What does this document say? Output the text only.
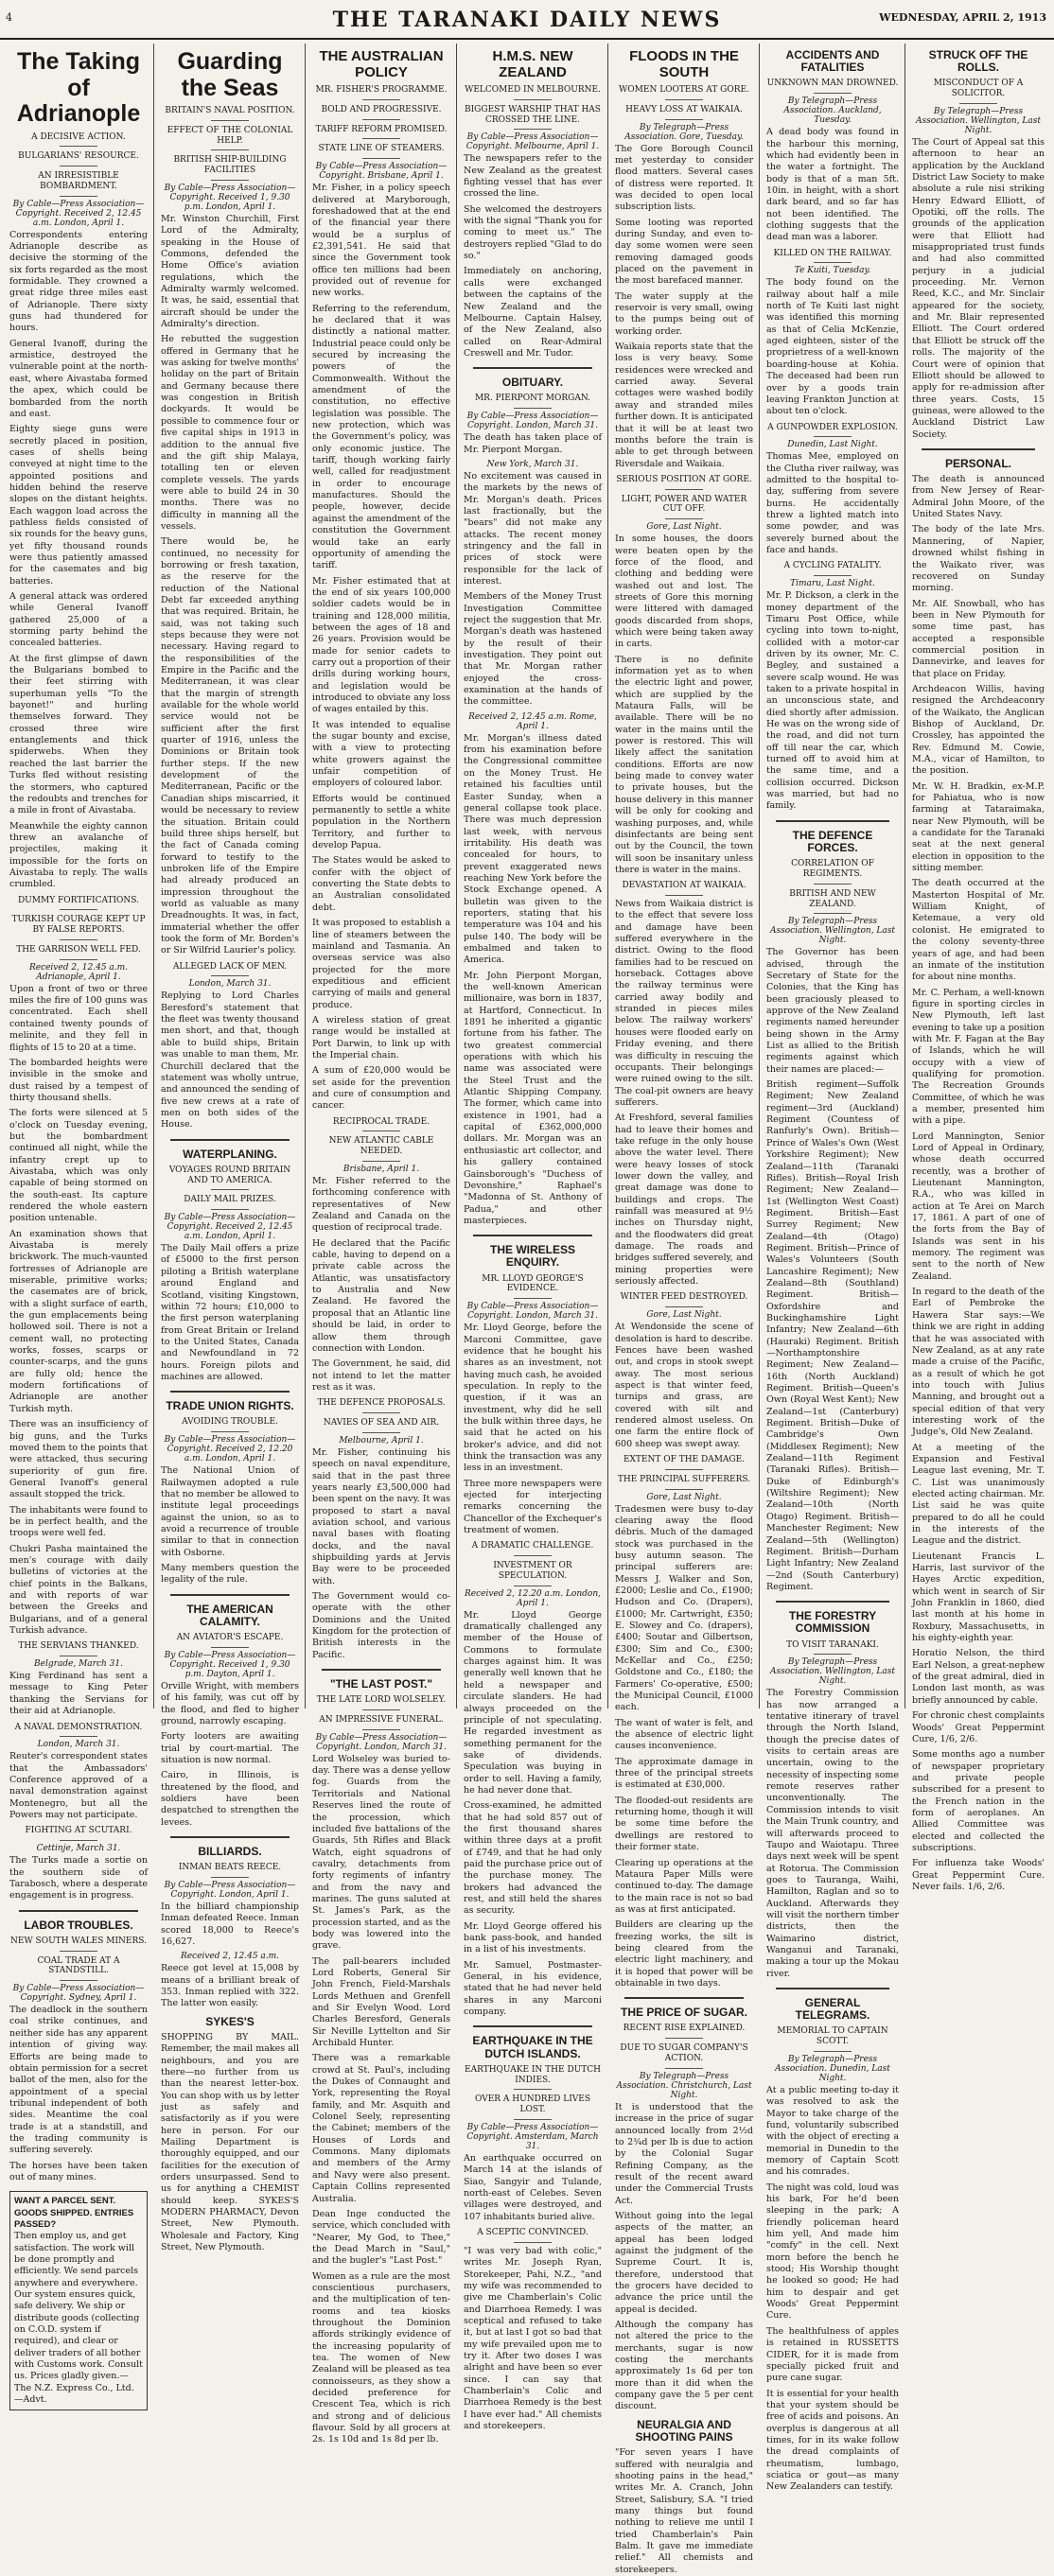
4	THE TARANAKI DAILY NEWS	WEDNESDAY, APRIL 2, 1913
The Taking of Adrianople
A DECISIVE ACTION.
BULGARIANS' RESOURCE.
AN IRRESISTIBLE BOMBARDMENT.
By Cable—Press Association—Copyright. Received 2, 12.45 a.m. London, April 1.

Correspondents entering Adrianople describe as decisive the storming of the six forts regarded as the most formidable. They crowned a great ridge three miles east of Adrianople. There sixty guns had thundered for hours.

General Ivanoff, during the armistice, destroyed the vulnerable point at the north-east, where Aivastaba formed the apex, which could be bombarded from the north and east.

Eighty siege guns were secretly placed in position, cases of shells being conveyed at night time to the appointed positions and hidden behind the reserve slopes on the distant heights. Each waggon load across the pathless fields consisted of six rounds for the heavy guns, yet fifty thousand rounds were thus patiently amassed for the casemates and big batteries.

A general attack was ordered while General Ivanoff gathered 25,000 of a storming party behind the concealed batteries.

At the first glimpse of dawn the Bulgarians bombed to their feet stirring with superhuman yells "To the bayonet!" and hurling themselves forward. They crossed three wire entanglements and thick spiderwebs. When they reached the last barrier the Turks fled without resisting the stormers, who captured the redoubts and trenches for a mile in front of Aivastaba.

Meanwhile the eighty cannon threw an avalanche of projectiles, making it impossible for the forts on Aivastaba to reply. The walls crumbled.

DUMMY FORTIFICATIONS.
TURKISH COURAGE KEPT UP BY FALSE REPORTS.
THE GARRISON WELL FED.
Received 2, 12.45 a.m. Adrianople, April 1.

Upon a front of two or three miles the fire of 100 guns was concentrated. Each shell contained twenty pounds of melinite, and they fell in flights of 15 to 20 at a time.

The bombarded heights were invisible in the smoke and dust raised by a tempest of thirty thousand shells.

The forts were silenced at 5 o'clock on Tuesday evening, but the bombardment continued all night, while the infantry crept up to Aivastaba, which was only capable of being stormed on the south-east. Its capture rendered the whole eastern position untenable.

An examination shows that Aivastaba is merely brickwork. The much-vaunted fortresses of Adrianople are miserable, primitive works; the casemates are of brick, with a slight surface of earth, the gun emplacements being hollowed soil. There is not a cement wall, no protecting works, fosses, scarps or counter-scarps, and the guns are fully old; hence the modern fortifications of Adrianople are another Turkish myth.

There was an insufficiency of big guns, and the Turks moved them to the points that were attacked, thus securing superiority of gun fire. General Ivanoff's general assault stopped the trick.

The inhabitants were found to be in perfect health, and the troops were well fed.

Chukri Pasha maintained the men's courage with daily bulletins of victories at the chief points in the Balkans, and with reports of war between the Greeks and Bulgarians, and of a general Turkish advance.

THE SERVIANS THANKED.
Belgrade, March 31.

King Ferdinand has sent a message to King Peter thanking the Servians for their aid at Adrianople.

A NAVAL DEMONSTRATION.
London, March 31.

Reuter's correspondent states that the Ambassadors' Conference approved of a naval demonstration against Montenegro, but all the Powers may not participate.

FIGHTING AT SCUTARI.
Cettinje, March 31.

The Turks made a sortie on the southern side of Tarabosch, where a desperate engagement is in progress.

LABOR TROUBLES.
NEW SOUTH WALES MINERS.
COAL TRADE AT A STANDSTILL.
By Cable—Press Association—Copyright. Sydney, April 1.

The deadlock in the southern coal strike continues, and neither side has any apparent intention of giving way. Efforts are being made to obtain permission for a secret ballot of the men, also for the appointment of a special tribunal independent of both sides. Meantime the coal trade is at a standstill, and the trading community is suffering severely.

The horses have been taken out of many mines.

WANT A PARCEL SENT. GOODS SHIPPED. ENTRIES PASSED?
Then employ us, and get satisfaction. The work will be done promptly and efficiently. We send parcels anywhere and everywhere. Our system ensures quick, safe delivery. We ship or distribute goods (collecting on C.O.D. system if required), and clear or deliver traders of all bother with Customs work. Consult us. Prices gladly given.—The N.Z. Express Co., Ltd.—Advt.
Guarding the Seas
BRITAIN'S NAVAL POSITION.
EFFECT OF THE COLONIAL HELP.
BRITISH SHIP-BUILDING FACILITIES
By Cable—Press Association—Copyright. Received 1, 9.30 p.m. London, April 1.

Mr. Winston Churchill, First Lord of the Admiralty, speaking in the House of Commons, defended the Home Office's aviation regulations, which the Admiralty warmly welcomed. It was, he said, essential that aircraft should be under the Admiralty's direction.

He rebutted the suggestion offered in Germany that he was asking for twelve months' holiday on the part of Britain and Germany because there was congestion in British dockyards. It would be possible to commence four or five capital ships in 1913 in addition to the annual five and the gift ship Malaya, totalling ten or eleven complete vessels. The yards were able to build 24 in 30 months. There was no difficulty in manning all the vessels.

There would be, he continued, no necessity for borrowing or fresh taxation, as the reserve for the reduction of the National Debt far exceeded anything that was required. Britain, he said, was not taking such steps because they were not necessary. Having regard to the responsibilities of the Empire in the Pacific and the Mediterranean, it was clear that the margin of strength available for the whole world service would not be sufficient after the first quarter of 1916, unless the Dominions or Britain took further steps. If the new development of the Mediterranean, Pacific or the Canadian ships miscarried, it would be necessary to review the situation. Britain could build three ships herself, but the fact of Canada coming forward to testify to the unbroken life of the Empire had already produced an impression throughout the world as valuable as many Dreadnoughts. It was, in fact, immaterial whether the offer took the form of Mr. Borden's or Sir Wilfrid Laurier's policy.

ALLEGED LACK OF MEN.
London, March 31.

Replying to Lord Charles Beresford's statement that the fleet was twenty thousand men short, and that, though able to build ships, Britain was unable to man them, Mr. Churchill declared that the statement was wholly untrue, and announced the sending of five new crews at a rate of men on both sides of the House.

WATERPLANING.
VOYAGES ROUND BRITAIN AND TO AMERICA.
DAILY MAIL PRIZES.
By Cable—Press Association—Copyright. Received 2, 12.45 a.m. London, April 1.

The Daily Mail offers a prize of £5000 to the first person piloting a British waterplane around England and Scotland, visiting Kingstown, within 72 hours; £10,000 to the first person waterplaning from Great Britain or Ireland to the United States, Canada and Newfoundland in 72 hours. Foreign pilots and machines are allowed.

TRADE UNION RIGHTS.
AVOIDING TROUBLE.
By Cable—Press Association—Copyright. Received 2, 12.20 a.m. London, April 1.

The National Union of Railwaymen adopted a rule that no member be allowed to institute legal proceedings against the union, so as to avoid a recurrence of trouble similar to that in connection with Osborne.

Many members question the legality of the rule.

THE AMERICAN CALAMITY.
AN AVIATOR'S ESCAPE.
By Cable—Press Association—Copyright. Received 1, 9.30 p.m. Dayton, April 1.

Orville Wright, with members of his family, was cut off by the flood, and fled to higher ground, narrowly escaping.

Forty looters are awaiting trial by court-martial. The situation is now normal.

Cairo, in Illinois, is threatened by the flood, and soldiers have been despatched to strengthen the levees.

BILLIARDS.
INMAN BEATS REECE.
By Cable—Press Association—Copyright. London, April 1.

In the billiard championship Inman defeated Reece. Inman scored 18,000 to Reece's 16,627.

Received 2, 12.45 a.m.

Reece got level at 15,008 by means of a brilliant break of 353. Inman replied with 322. The latter won easily.

SYKES'S

SHOPPING BY MAIL. Remember, the mail makes all neighbours, and you are there—no further from us than the nearest letter-box. You can shop with us by letter just as safely and satisfactorily as if you were here in person. For our Mailing Department is thoroughly equipped, and our facilities for the execution of orders unsurpassed. Send to us for anything a CHEMIST should keep. SYKES'S MODERN PHARMACY, Devon Street, New Plymouth. Wholesale and Factory, King Street, New Plymouth.

THE AUSTRALIAN POLICY
MR. FISHER'S PROGRAMME.
BOLD AND PROGRESSIVE.
TARIFF REFORM PROMISED.
STATE LINE OF STEAMERS.
By Cable—Press Association—Copyright. Brisbane, April 1.

Mr. Fisher, in a policy speech delivered at Maryborough, foreshadowed that at the end of the financial year there would be a surplus of £2,391,541. He said that since the Government took office ten millions had been provided out of revenue for new works.

Referring to the referendum, he declared that it was distinctly a national matter. Industrial peace could only be secured by increasing the powers of the Commonwealth. Without the amendment of the constitution, no effective legislation was possible. The new protection, which was the Government's policy, was only economic justice. The tariff, though working fairly well, called for readjustment in order to encourage manufactures. Should the people, however, decide against the amendment of the constitution the Government would take an early opportunity of amending the tariff.

Mr. Fisher estimated that at the end of six years 100,000 soldier cadets would be in training and 128,000 militia, between the ages of 18 and 26 years. Provision would be made for senior cadets to carry out a proportion of their drills during working hours, and legislation would be introduced to obviate any loss of wages entailed by this.

It was intended to equalise the sugar bounty and excise, with a view to protecting white growers against the unfair competition of employers of coloured labor.

Efforts would be continued permanently to settle a white population in the Northern Territory, and further to develop Papua.

The States would be asked to confer with the object of converting the State debts to an Australian consolidated debt.

It was proposed to establish a line of steamers between the mainland and Tasmania. An overseas service was also projected for the more expeditious and efficient carrying of mails and general produce.

A wireless station of great range would be installed at Port Darwin, to link up with the Imperial chain.

A sum of £20,000 would be set aside for the prevention and cure of consumption and cancer.

RECIPROCAL TRADE.
NEW ATLANTIC CABLE NEEDED.
Brisbane, April 1.

Mr. Fisher referred to the forthcoming conference with representatives of New Zealand and Canada on the question of reciprocal trade.

He declared that the Pacific cable, having to depend on a private cable across the Atlantic, was unsatisfactory to Australia and New Zealand. He favored the proposal that an Atlantic line should be laid, in order to allow them through connection with London.

The Government, he said, did not intend to let the matter rest as it was.

THE DEFENCE PROPOSALS.
NAVIES OF SEA AND AIR.
Melbourne, April 1.

Mr. Fisher, continuing his speech on naval expenditure, said that in the past three years nearly £3,500,000 had been spent on the navy. It was proposed to start a naval aviation school, and various naval bases with floating docks, and the naval shipbuilding yards at Jervis Bay were to be proceeded with.

The Government would co-operate with the other Dominions and the United Kingdom for the protection of British interests in the Pacific.

"THE LAST POST."
THE LATE LORD WOLSELEY.
AN IMPRESSIVE FUNERAL.
By Cable—Press Association—Copyright. London, March 31.

Lord Wolseley was buried to-day. There was a dense yellow fog. Guards from the Territorials and National Reserves lined the route of the procession, which included five battalions of the Guards, 5th Rifles and Black Watch, eight squadrons of cavalry, detachments from forty regiments of infantry and from the navy and marines. The guns saluted at St. James's Park, as the procession started, and as the body was lowered into the grave.

The pall-bearers included Lord Roberts, General Sir John French, Field-Marshals Lords Methuen and Grenfell and Sir Evelyn Wood. Lord Charles Beresford, Generals Sir Neville Lyttelton and Sir Archibald Hunter.

There was a remarkable crowd at St. Paul's, including the Dukes of Connaught and York, representing the Royal family, and Mr. Asquith and Colonel Seely, representing the Cabinet; members of the Houses of Lords and Commons. Many diplomats and members of the Army and Navy were also present. Captain Collins represented Australia.

Dean Inge conducted the service, which concluded with "Nearer, My God, to Thee," the Dead March in "Saul," and the bugler's "Last Post."

Women as a rule are the most conscientious purchasers, and the multiplication of ten-rooms and tea kiosks throughout the Dominion affords strikingly evidence of the increasing popularity of tea. The women of New Zealand will be pleased as tea connoisseurs, as they show a decided preference for Crescent Tea, which is rich and strong and of delicious flavour. Sold by all grocers at 2s. 1s 10d and 1s 8d per lb.

H.M.S. NEW ZEALAND
WELCOMED IN MELBOURNE.
BIGGEST WARSHIP THAT HAS CROSSED THE LINE.
By Cable—Press Association—Copyright. Melbourne, April 1.

The newspapers refer to the New Zealand as the greatest fighting vessel that has ever crossed the line.

She welcomed the destroyers with the signal "Thank you for coming to meet us." The destroyers replied "Glad to do so."

Immediately on anchoring, calls were exchanged between the captains of the New Zealand and the Melbourne. Captain Halsey, of the New Zealand, also called on Rear-Admiral Creswell and Mr. Tudor.

OBITUARY.
MR. PIERPONT MORGAN.
By Cable—Press Association—Copyright. London, March 31.

The death has taken place of Mr. Pierpont Morgan.

New York, March 31.

No excitement was caused in the markets by the news of Mr. Morgan's death. Prices last fractionally, but the "bears" did not make any attacks. The recent money stringency and the fall in prices of stock were responsible for the lack of interest.

Members of the Money Trust Investigation Committee reject the suggestion that Mr. Morgan's death was hastened by the result of their investigation. They point out that Mr. Morgan rather enjoyed the cross-examination at the hands of the committee.

Received 2, 12.45 a.m. Rome, April 1.

Mr. Morgan's illness dated from his examination before the Congressional committee on the Money Trust. He retained his faculties until Easter Sunday, when a general collapse took place. There was much depression last week, with nervous irritability. His death was concealed for hours, to prevent exaggerated news reaching New York before the Stock Exchange opened. A bulletin was given to the reporters, stating that his temperature was 104 and his pulse 140. The body will be embalmed and taken to America.

Mr. John Pierpont Morgan, the well-known American millionaire, was born in 1837, at Hartford, Connecticut. In 1891 he inherited a gigantic fortune from his father. The two greatest commercial operations with which his name was associated were the Steel Trust and the Atlantic Shipping Company. The former, which came into existence in 1901, had a capital of £362,000,000 dollars. Mr. Morgan was an enthusiastic art collector, and his gallery contained Gainsborough's "Duchess of Devonshire," Raphael's "Madonna of St. Anthony of Padua," and other masterpieces.

THE WIRELESS ENQUIRY.
MR. LLOYD GEORGE'S EVIDENCE.
By Cable—Press Association—Copyright. London, March 31.

Mr. Lloyd George, before the Marconi Committee, gave evidence that he bought his shares as an investment, not having much cash, he avoided speculation. In reply to the question, if it was an investment, why did he sell the bulk within three days, he said that he acted on his broker's advice, and did not think the transaction was any less in an investment.

Three more newspapers were ejected for interjecting remarks concerning the Chancellor of the Exchequer's treatment of women.

A DRAMATIC CHALLENGE.
INVESTMENT OR SPECULATION.
Received 2, 12.20 a.m. London, April 1.

Mr. Lloyd George dramatically challenged any member of the House of Commons to formulate charges against him. It was generally well known that he held a newspaper and circulate slanders. He had always proceeded on the principle of not speculating. He regarded investment as something permanent for the sake of dividends. Speculation was buying in order to sell. Having a family, he had never done that.

Cross-examined, he admitted that he had sold 857 out of the first thousand shares within three days at a profit of £749, and that he had only paid the purchase price out of the purchase money. The brokers had advanced the rest, and still held the shares as security.

Mr. Lloyd George offered his bank pass-book, and handed in a list of his investments.

Mr. Samuel, Postmaster-General, in his evidence, stated that he had never held shares in any Marconi company.

EARTHQUAKE IN THE DUTCH ISLANDS.
EARTHQUAKE IN THE DUTCH INDIES.
OVER A HUNDRED LIVES LOST.
By Cable—Press Association—Copyright. Amsterdam, March 31.

An earthquake occurred on March 14 at the islands of Siao, Sangyir and Tulande, north-east of Celebes. Seven villages were destroyed, and 107 inhabitants buried alive.

A SCEPTIC CONVINCED.

"I was very bad with colic," writes Mr. Joseph Ryan, Storekeeper, Pahi, N.Z., "and my wife was recommended to give me Chamberlain's Colic and Diarrhoea Remedy. I was sceptical and refused to take it, but at last I got so bad that my wife prevailed upon me to try it. After two doses I was alright and have been so ever since. I can say that Chamberlain's Colic and Diarrhoea Remedy is the best I have ever had." All chemists and storekeepers.

FLOODS IN THE SOUTH
WOMEN LOOTERS AT GORE.
HEAVY LOSS AT WAIKAIA.
By Telegraph—Press Association. Gore, Tuesday.

The Gore Borough Council met yesterday to consider flood matters. Several cases of distress were reported. It was decided to open local subscription lists.

Some looting was reported during Sunday, and even to-day some women were seen removing damaged goods placed on the pavement in the most barefaced manner.

The water supply at the reservoir is very small, owing to the pumps being out of working order.

Waikaia reports state that the loss is very heavy. Some residences were wrecked and carried away. Several cottages were washed bodily away and stranded miles further down. It is anticipated that it will be at least two months before the train is able to get through between Riversdale and Waikaia.

SERIOUS POSITION AT GORE.
LIGHT, POWER AND WATER CUT OFF.
Gore, Last Night.

In some houses, the doors were beaten open by the force of the flood, and clothing and bedding were washed out and lost. The streets of Gore this morning were littered with damaged goods discarded from shops, which were being taken away in carts.

There is no definite information yet as to when the electric light and power, which are supplied by the Mataura Falls, will be available. There will be no water in the mains until the power is restored. This will likely affect the sanitation conditions. Efforts are now being made to convey water to private houses, but the house delivery in this manner will be only for cooking and washing purposes, and, while disinfectants are being sent out by the Council, the town will soon be insanitary unless there is water in the mains.

DEVASTATION AT WAIKAIA.

News from Waikaia district is to the effect that severe loss and damage have been suffered everywhere in the district. Owing to the flood families had to be rescued on horseback. Cottages above the railway terminus were carried away bodily and stranded in pieces miles below. The railway workers' houses were flooded early on Friday evening, and there was difficulty in rescuing the occupants. Their belongings were ruined owing to the silt. The coal-pit owners are heavy sufferers.

At Freshford, several families had to leave their homes and take refuge in the only house above the water level. There were heavy losses of stock lower down the valley, and great damage was done to buildings and crops. The rainfall was measured at 9½ inches on Thursday night, and the floodwaters did great damage. The roads and bridges suffered severely, and mining properties were seriously affected.

WINTER FEED DESTROYED.
Gore, Last Night.

At Wendonside the scene of desolation is hard to describe. Fences have been washed out, and crops in stook swept away. The most serious aspect is that winter feed, turnips and grass, are covered with silt and rendered almost useless. On one farm the entire flock of 600 sheep was swept away.

EXTENT OF THE DAMAGE.
THE PRINCIPAL SUFFERERS.
Gore, Last Night.

Tradesmen were busy to-day clearing away the flood débris. Much of the damaged stock was purchased in the busy autumn season. The principal sufferers are: Messrs J. Walker and Son, £2000; Leslie and Co., £1900; Hudson and Co. (Drapers), £1000; Mr. Cartwright, £350; E. Slowey and Co. (drapers), £400; Soutar and Gilbertson, £300; Sim and Co., £300; McKellar and Co., £250; Goldstone and Co., £180; the Farmers' Co-operative, £500; the Municipal Council, £1000 each.

The want of water is felt, and the absence of electric light causes inconvenience.

The approximate damage in three of the principal streets is estimated at £30,000.

The flooded-out residents are returning home, though it will be some time before the dwellings are restored to their former state.

Clearing up operations at the Mataura Paper Mills were continued to-day. The damage to the main race is not so bad as was at first anticipated.

Builders are clearing up the freezing works, the silt is being cleared from the electric light machinery, and it is hoped that power will be obtainable in two days.

THE PRICE OF SUGAR.
RECENT RISE EXPLAINED.
DUE TO SUGAR COMPANY'S ACTION.
By Telegraph—Press Association. Christchurch, Last Night.

It is understood that the increase in the price of sugar announced locally from 2½d to 2¾d per lb is due to action by the Colonial Sugar Refining Company, as the result of the recent award under the Commercial Trusts Act.

Without going into the legal aspects of the matter, an appeal has been lodged against the judgment of the Supreme Court. It is, therefore, understood that the grocers have decided to advance the price until the appeal is decided.

Although the company has not altered the price to the merchants, sugar is now costing the merchants approximately 1s 6d per ton more than it did when the company gave the 5 per cent discount.

NEURALGIA AND SHOOTING PAINS

"For seven years I have suffered with neuralgia and shooting pains in the head," writes Mr. A. Cranch, John Street, Salisbury, S.A. "I tried many things but found nothing to relieve me until I tried Chamberlain's Pain Balm. It gave me immediate relief." All chemists and storekeepers.

ACCIDENTS AND FATALITIES
UNKNOWN MAN DROWNED.
By Telegraph—Press Association. Auckland, Tuesday.

A dead body was found in the harbour this morning, which had evidently been in the water a fortnight. The body is that of a man 5ft. 10in. in height, with a short dark beard, and so far has not been identified. The clothing suggests that the dead man was a laborer.

KILLED ON THE RAILWAY.
Te Kuiti, Tuesday.

The body found on the railway about half a mile north of Te Kuiti last night was identified this morning as that of Celia McKenzie, aged eighteen, sister of the proprietress of a well-known boarding-house at Kohia. The deceased had been run over by a goods train leaving Frankton Junction at about ten o'clock.

A GUNPOWDER EXPLOSION.
Dunedin, Last Night.

Thomas Mee, employed on the Clutha river railway, was admitted to the hospital to-day, suffering from severe burns. He accidentally threw a lighted match into some powder, and was severely burned about the face and hands.

A CYCLING FATALITY.
Timaru, Last Night.

Mr. P. Dickson, a clerk in the money department of the Timaru Post Office, while cycling into town to-night, collided with a motor-car driven by its owner, Mr. C. Begley, and sustained a severe scalp wound. He was taken to a private hospital in an unconscious state, and died shortly after admission. He was on the wrong side of the road, and did not turn off till near the car, which turned off to avoid him at the same time, and a collision occurred. Dickson was married, but had no family.

THE DEFENCE FORCES.
CORRELATION OF REGIMENTS.
BRITISH AND NEW ZEALAND.
By Telegraph—Press Association. Wellington, Last Night.

The Governor has been advised, through the Secretary of State for the Colonies, that the King has been graciously pleased to approve of the New Zealand regiments named hereunder being shown in the Army List as allied to the British regiments against which their names are placed:—

British regiment—Suffolk Regiment; New Zealand regiment—3rd (Auckland) Regiment (Countess of Ranfurly's Own). British—Prince of Wales's Own (West Yorkshire Regiment); New Zealand—11th (Taranaki Rifles). British—Royal Irish Regiment; New Zealand—1st (Wellington West Coast) Regiment. British—East Surrey Regiment; New Zealand—4th (Otago) Regiment. British—Prince of Wales's Volunteers (South Lancashire Regiment); New Zealand—8th (Southland) Regiment. British—Oxfordshire and Buckinghamshire Light Infantry; New Zealand—6th (Hauraki) Regiment. British—Northamptonshire Regiment; New Zealand—16th (North Auckland) Regiment. British—Queen's Own (Royal West Kent); New Zealand—1st (Canterbury) Regiment. British—Duke of Cambridge's Own (Middlesex Regiment); New Zealand—11th Regiment (Taranaki Rifles). British—Duke of Edinburgh's (Wiltshire Regiment); New Zealand—10th (North Otago) Regiment. British—Manchester Regiment; New Zealand—5th (Wellington) Regiment. British—Durham Light Infantry; New Zealand—2nd (South Canterbury) Regiment.

THE FORESTRY COMMISSION
TO VISIT TARANAKI.
By Telegraph—Press Association. Wellington, Last Night.

The Forestry Commission has now arranged a tentative itinerary of travel through the North Island, though the precise dates of visits to certain areas are uncertain, owing to the necessity of inspecting some remote reserves rather unconventionally. The Commission intends to visit the Main Trunk country, and will afterwards proceed to Taupo and Waiotapu. Three days next week will be spent at Rotorua. The Commission goes to Tauranga, Waihi, Hamilton, Raglan and so to Auckland. Afterwards they will visit the northern timber districts, then the Waimarino district, Wanganui and Taranaki, making a tour up the Mokau river.

GENERAL TELEGRAMS.
MEMORIAL TO CAPTAIN SCOTT.
By Telegraph—Press Association. Dunedin, Last Night.

At a public meeting to-day it was resolved to ask the Mayor to take charge of the fund, voluntarily subscribed with the object of erecting a memorial in Dunedin to the memory of Captain Scott and his comrades.

The night was cold, loud was his bark, For he'd been sleeping in the park; A friendly policeman heard him yell, And made him "comfy" in the cell. Next morn before the bench he stood; His Worship thought he looked so good; He had him to despair and get Woods' Great Peppermint Cure.

The healthfulness of apples is retained in RUSSETTS CIDER, for it is made from specially picked fruit and pure cane sugar.

It is essential for your health that your system should be free of acids and poisons. An overplus is dangerous at all times, for in its wake follow the dread complaints of rheumatism, lumbago, sciatica or gout—as many New Zealanders can testify.

STRUCK OFF THE ROLLS.
MISCONDUCT OF A SOLICITOR.
By Telegraph—Press Association. Wellington, Last Night.

The Court of Appeal sat this afternoon to hear an application by the Auckland District Law Society to make absolute a rule nisi striking Henry Edward Elliott, of Opotiki, off the rolls. The grounds of the application were that Elliott had misappropriated trust funds and had also committed perjury in a judicial proceeding. Mr. Vernon Reed, K.C., and Mr. Sinclair appeared for the society, and Mr. Blair represented Elliott. The Court ordered that Elliott be struck off the rolls. The majority of the Court were of opinion that Elliott should be allowed to apply for re-admission after three years. Costs, 15 guineas, were allowed to the Auckland District Law Society.

PERSONAL.

The death is announced from New Jersey of Rear-Admiral John Moore, of the United States Navy.

The body of the late Mrs. Mannering, of Napier, drowned whilst fishing in the Waikato river, was recovered on Sunday morning.

Mr. Alf. Snowball, who has been in New Plymouth for some time past, has accepted a responsible commercial position in Dannevirke, and leaves for that place on Friday.

Archdeacon Willis, having resigned the Archdeaconry of the Waikato, the Anglican Bishop of Auckland, Dr. Crossley, has appointed the Rev. Edmund M. Cowie, M.A., vicar of Hamilton, to the position.

Mr. W. H. Bradkin, ex-M.P. for Pahiatua, who is now farming at Tataraimaka, near New Plymouth, will be a candidate for the Taranaki seat at the next general election in opposition to the sitting member.

The death occurred at the Masterton Hospital of Mr. William Knight, of Ketemaue, a very old colonist. He emigrated to the colony seventy-three years of age, and had been an inmate of the institution for about nine months.

Mr. C. Perham, a well-known figure in sporting circles in New Plymouth, left last evening to take up a position with Mr. F. Fagan at the Bay of Islands, which he will occupy with a view of qualifying for promotion. The Recreation Grounds Committee, of which he was a member, presented him with a pipe.

Lord Mannington, Senior Lord of Appeal in Ordinary, whose death occurred recently, was a brother of Lieutenant Mannington, R.A., who was killed in action at Te Arei on March 17, 1861. A part of one of the forts from the Bay of Islands was sent in his memory. The regiment was sent to the north of New Zealand.

In regard to the death of the Earl of Pembroke the Hawera Star says:—We think we are right in adding that he was associated with New Zealand, as at any rate made a cruise of the Pacific, as a result of which he got into touch with Julius Manning, and brought out a special edition of that very interesting work of the Judge's, Old New Zealand.

At a meeting of the Expansion and Festival League last evening, Mr. T. C. List was unanimously elected acting chairman. Mr. List said he was quite prepared to do all he could in the interests of the League and the district.

Lieutenant Francis L. Harris, last survivor of the Hayes Arctic expedition, which went in search of Sir John Franklin in 1860, died last month at his home in Roxbury, Massachusetts, in his eighty-eighth year.

Horatio Nelson, the third Earl Nelson, a great-nephew of the great admiral, died in London last month, as was briefly announced by cable.

For chronic chest complaints Woods' Great Peppermint Cure, 1/6, 2/6.

Some months ago a number of newspaper proprietary and private people subscribed for a present to the French nation in the form of aeroplanes. An Allied Committee was elected and collected the subscriptions.

For influenza take Woods' Great Peppermint Cure. Never fails. 1/6, 2/6.
